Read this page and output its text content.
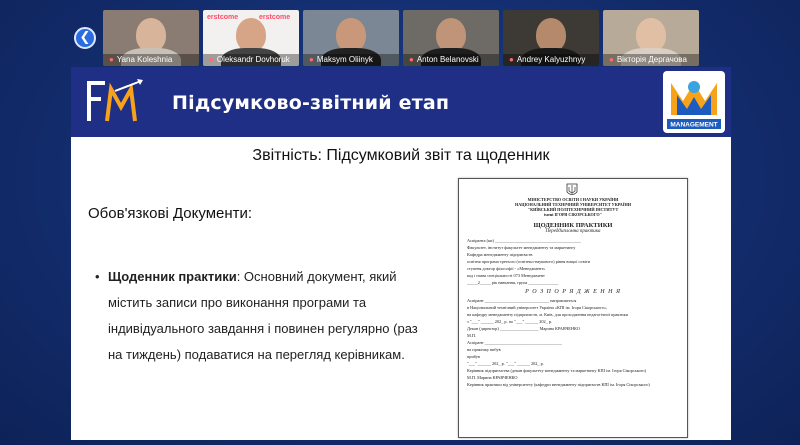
❮
● Yana Koleshnia
erstcome	erstcome
● Oleksandr Dovhoruk	● Maksym Oliinyk	● Anton Belanovski	● Andrey Kalyuzhnyy	● Вікторія Дергачова
Підсумково-звітний етап
MANAGEMENT
Звітність: Підсумковий звіт та щоденник
Обов'язкові Документи:
• Щоденник практики: Основний документ, який містить записи про виконання програми та індивідуального завдання і повинен регулярно (раз на тиждень) подаватися на перегляд керівникам.
МІНІСТЕРСТВО ОСВІТИ І НАУКИ УКРАЇНИ
НАЦІОНАЛЬНИЙ ТЕХНІЧНИЙ УНІВЕРСИТЕТ УКРАЇНИ
"КИЇВСЬКИЙ ПОЛІТЕХНІЧНИЙ ІНСТИТУТ
імені ІГОРЯ СІКОРСЬКОГО"
ЩОДЕННИК ПРАКТИКИ
Переддипломна практика
Аспіранта (ки) ________________________________________
Факультет, інститут факультет менеджменту та маркетингу
Кафедра менеджменту підприємств
освітня програма третього (освітньо-наукового) рівня вищої освіти
ступеня доктор філософії - «Менеджмент»
код і назва спеціальності 073 Менеджмент
_____2_____ рік навчання, група ______________
Р О З П О Р Я Д Ж Е Н Н Я
Аспірант ______________________________ направляється
в Національний технічний університет України «КПІ ім. Ігоря Сікорського»,
на кафедру менеджменту підприємств, м. Київ, для проходження педагогічної практики
з "___" ______ 202_ р. по "___" ______ 202_ р.
Декан (директор) __________________ Марина КРАВЧЕНКО
М.П.
Аспірант ____________________________________
на практику вибув
прибув
"___" ______ 202_ р. "___" ______ 202_ р.
Керівник підприємства (декан факультету менеджменту та маркетингу КПІ ім. Ігоря Сікорського)
М.П. Марина КРАВЧЕНКО
Керівник практики від університету (кафедри менеджменту підприємств КПІ ім. Ігоря Сікорського)
